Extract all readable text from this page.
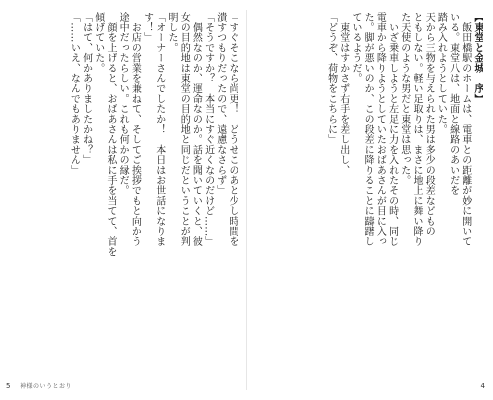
「すぐそこなら尚更！　どうせこのあと少し時間を
潰すつもりだったので、遠慮なさらず」
「そうですか？　本当にすぐ近くなのだけど……」
　偶然なのか、運命なのか。話を聞いていくと、彼
女の目的地は東堂の目的地と同じだということが判
明した。
「オーナーさんでしたか！　本日はお世話になりま
す！」
　お店の営業を兼ねて、そしてご挨拶でもと向かう
途中だったらしい。これも何かの縁だ。
　顔を上げると、おばあさんは私に手を当てて、首を
傾げていた。
「はて、何かありましたかね？」
「……いえ、なんでもありません」
5 神様のいうとおり
【東堂と金城　序】
　飯田橋駅のホームは、電車との距離が妙に開いて
いる。東堂八は、地面と線路のあいだを
踏み入れようとしていた。
天から三物を与えられた男は多少の段差などもの
ともしない。軽い足取りは、まさに地上に舞い降り
た天使のような男だと東堂は思った。
　いざ乗車しようと左足に力を入れたその時、同じ
電車から降りようとしていたおばあさんが目に入っ
た。脚が悪いのか、この段差に降りることに躊躇し
ているようだ。
　東堂はすかさず右手を差し出し、
「どうぞ、荷物をこちらに」
4
